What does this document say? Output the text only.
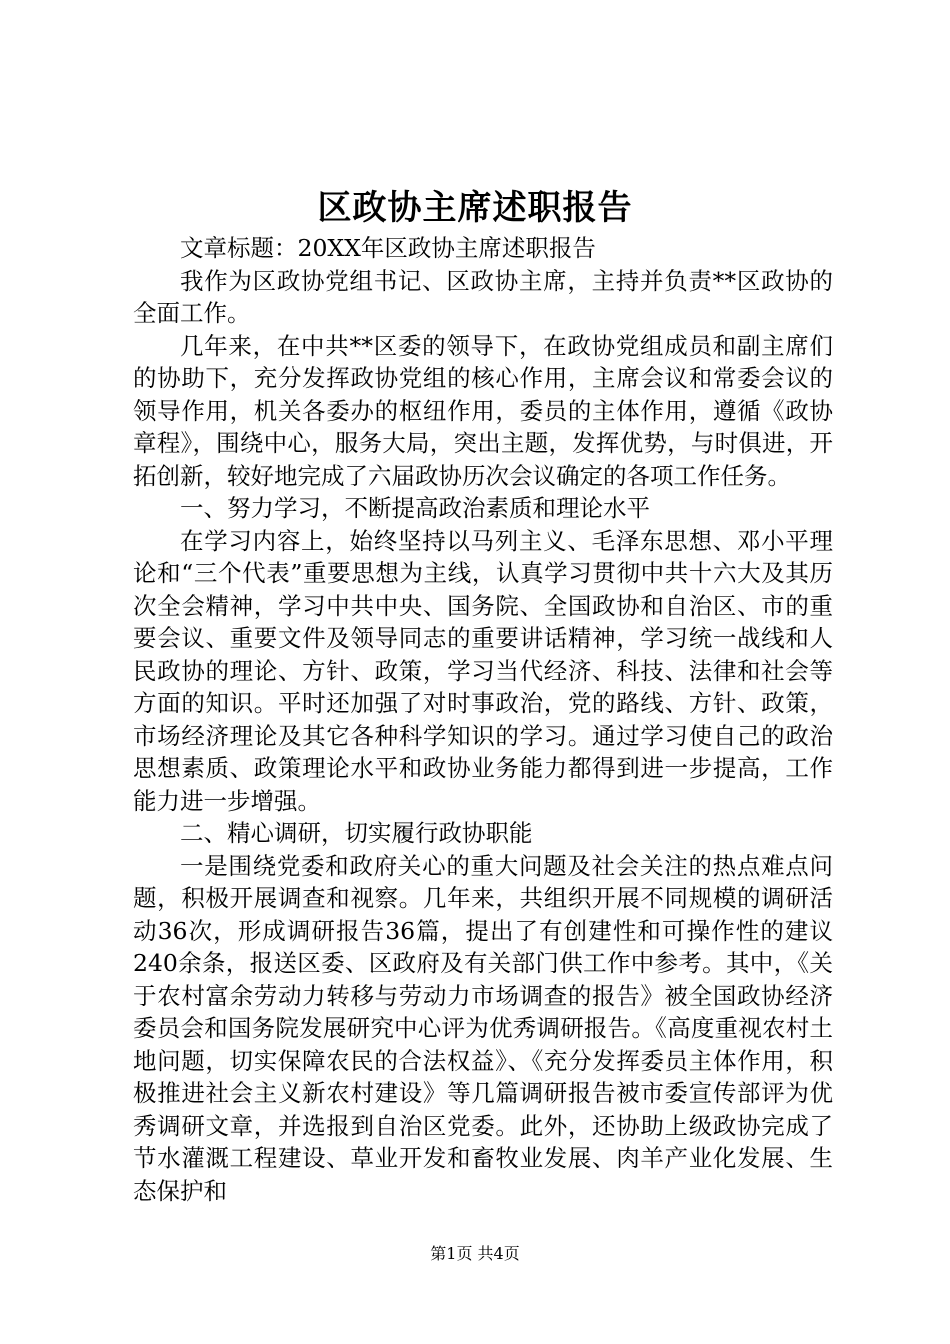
区政协主席述职报告

文章标题：20XX年区政协主席述职报告

我作为区政协党组书记、区政协主席，主持并负责**区政协的全面工作。

几年来，在中共**区委的领导下，在政协党组成员和副主席们的协助下，充分发挥政协党组的核心作用，主席会议和常委会议的领导作用，机关各委办的枢纽作用，委员的主体作用，遵循《政协章程》，围绕中心，服务大局，突出主题，发挥优势，与时俱进，开拓创新，较好地完成了六届政协历次会议确定的各项工作任务。

一、努力学习，不断提高政治素质和理论水平

在学习内容上，始终坚持以马列主义、毛泽东思想、邓小平理论和“三个代表”重要思想为主线，认真学习贯彻中共十六大及其历次全会精神，学习中共中央、国务院、全国政协和自治区、市的重要会议、重要文件及领导同志的重要讲话精神，学习统一战线和人民政协的理论、方针、政策，学习当代经济、科技、法律和社会等方面的知识。平时还加强了对时事政治，党的路线、方针、政策，市场经济理论及其它各种科学知识的学习。通过学习使自己的政治思想素质、政策理论水平和政协业务能力都得到进一步提高，工作能力进一步增强。

二、精心调研，切实履行政协职能

一是围绕党委和政府关心的重大问题及社会关注的热点难点问题，积极开展调查和视察。几年来，共组织开展不同规模的调研活动36次，形成调研报告36篇，提出了有创建性和可操作性的建议240余条，报送区委、区政府及有关部门供工作中参考。其中，《关于农村富余劳动力转移与劳动力市场调查的报告》被全国政协经济委员会和国务院发展研究中心评为优秀调研报告。《高度重视农村土地问题，切实保障农民的合法权益》、《充分发挥委员主体作用，积极推进社会主义新农村建设》等几篇调研报告被市委宣传部评为优秀调研文章，并选报到自治区党委。此外，还协助上级政协完成了节水灌溉工程建设、草业开发和畜牧业发展、肉羊产业化发展、生态保护和

第1页 共4页
